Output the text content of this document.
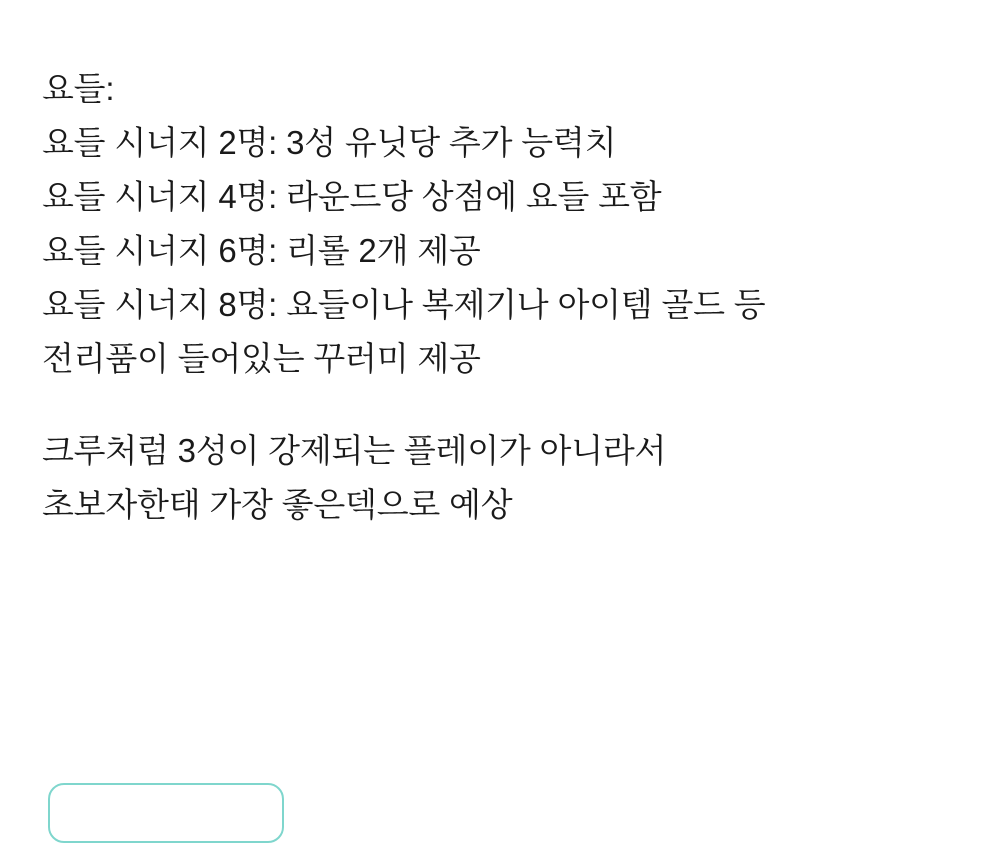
요들:
요들 시너지 2명: 3성 유닛당 추가 능력치
요들 시너지 4명: 라운드당 상점에 요들 포함
요들 시너지 6명: 리롤 2개 제공
요들 시너지 8명: 요들이나 복제기나 아이템 골드 등
전리품이 들어있는 꾸러미 제공
크루처럼 3성이 강제되는 플레이가 아니라서
초보자한태 가장 좋은덱으로 예상
